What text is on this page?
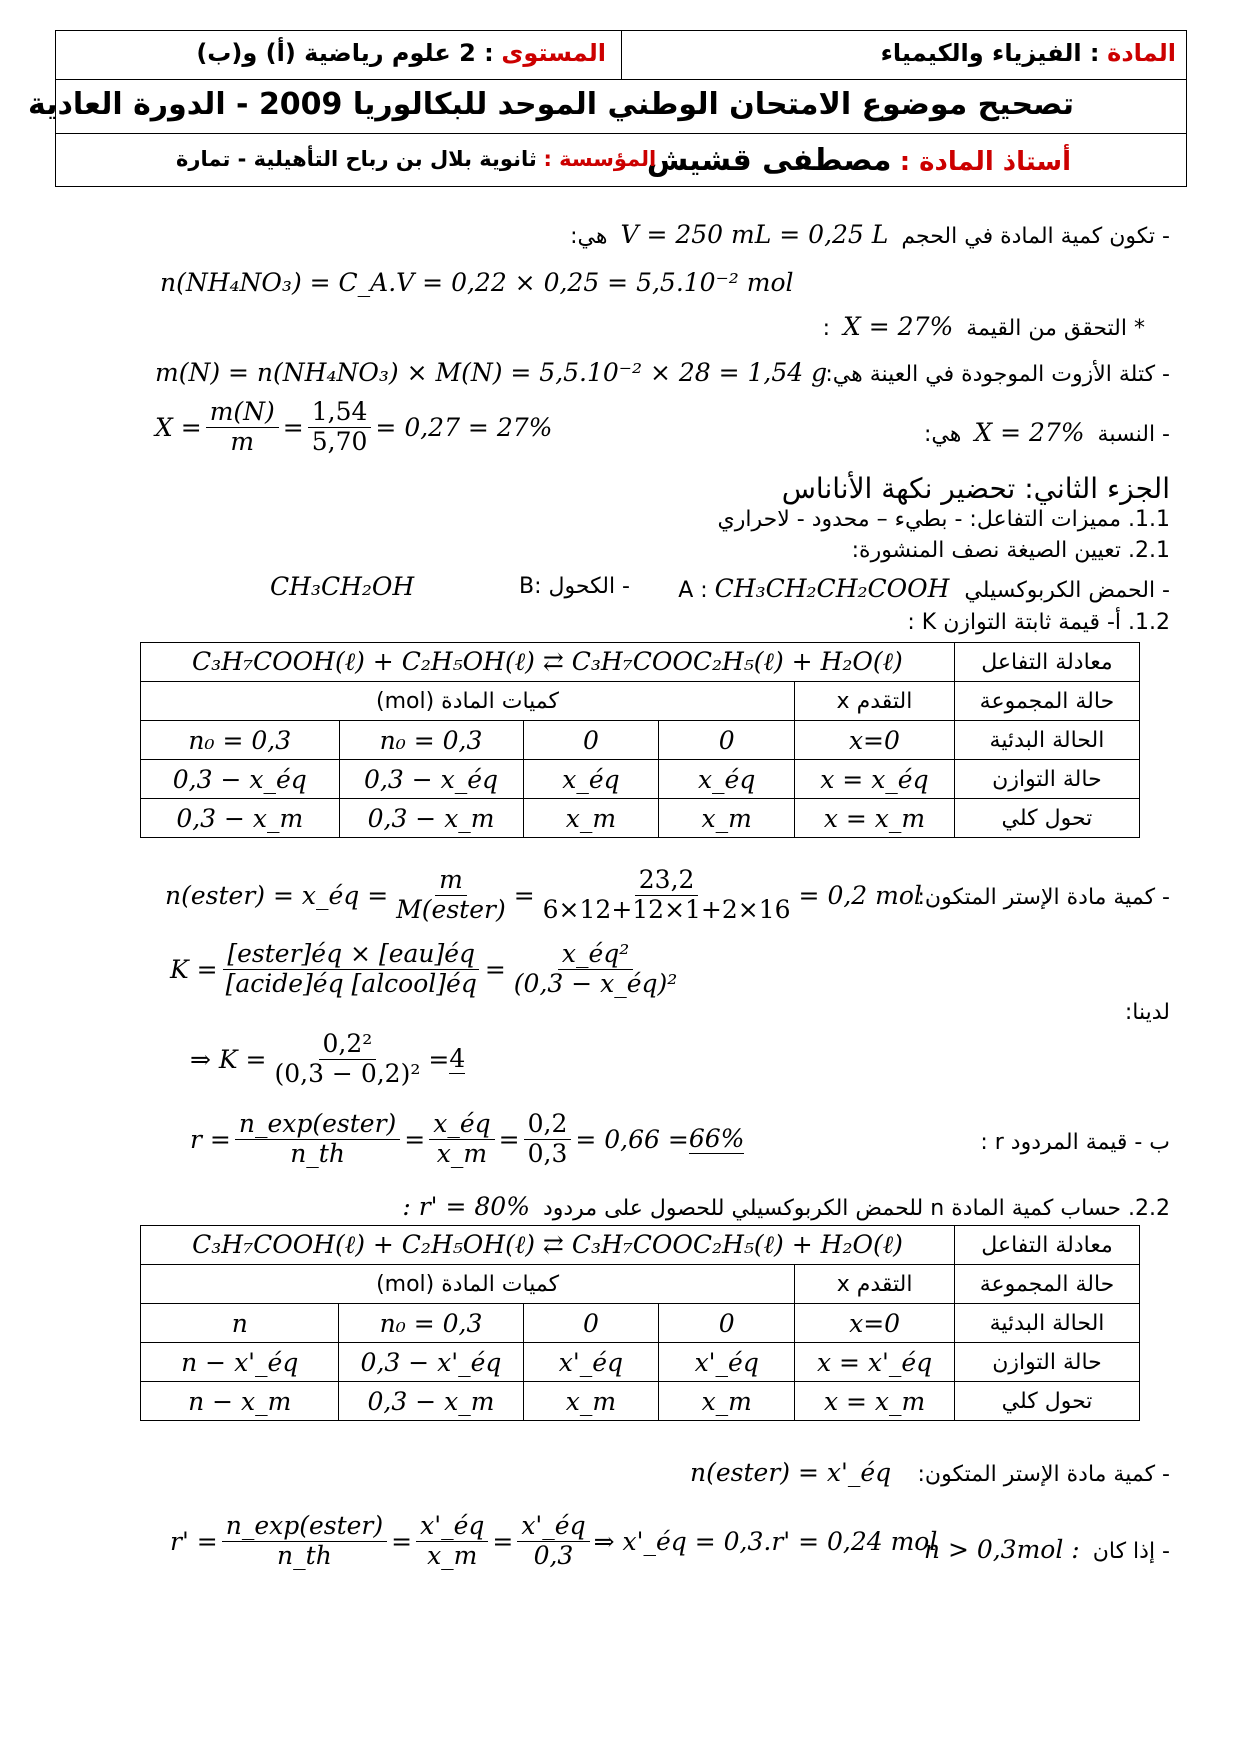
المادة : الفيزياء والكيمياء
المستوى : 2 علوم رياضية (أ) و(ب)
تصحيح موضوع الامتحان الوطني الموحد للبكالوريا 2009 - الدورة العادية
أستاذ المادة : مصطفى قشيش
المؤسسة : ثانوية بلال بن رباح التأهيلية - تمارة
- تكون كمية المادة في الحجم V = 250 mL = 0,25 L هي:
n(NH₄NO₃) = C_A.V = 0,22 × 0,25 = 5,5.10⁻² mol
* التحقق من القيمة X = 27% :
- كتلة الأزوت الموجودة في العينة هي:
m(N) = n(NH₄NO₃) × M(N) = 5,5.10⁻² × 28 = 1,54 g
- النسبة X = 27% هي:
$X = \frac{m(N)}{m} = \frac{1,54}{5,70} = 0,27 = 27\%$
الجزء الثاني: تحضير نكهة الأناناس
1.1. مميزات التفاعل: - بطيء – محدود - لاحراري
2.1. تعيين الصيغة نصف المنشورة:
- الحمض الكربوكسيلي A : CH₃CH₂CH₂COOH
- الكحول :B
CH₃CH₂OH
1.2. أ- قيمة ثابتة التوازن K :
C₃H₇COOH(ℓ) + C₂H₅OH(ℓ) ⇄ C₃H₇COOC₂H₅(ℓ) + H₂O(ℓ)					معادلة التفاعل
كميات المادة (mol)				التقدم x	حالة المجموعة
n₀ = 0,3	n₀ = 0,3	0	0	x=0	الحالة البدئية
0,3 − x_éq	0,3 − x_éq	x_éq	x_éq	x = x_éq	حالة التوازن
0,3 − x_m	0,3 − x_m	x_m	x_m	x = x_m	تحول كلي
- كمية مادة الإستر المتكون:
n(ester) = x_éq = $\frac{m}{\text{M(ester)}} = \frac{23,2}{6\times 12+12\times 1+2\times 16} = 0,2$ mol
لدينا:
$K = \frac{\text{[ester]éq × [eau]éq}}{\text{[acide]éq [alcool]éq}} = \frac{\text{x\_éq²}}{\text{(0,3 − x\_éq)²}}$
⇒ $K = \frac{\text{0,2²}}{\text{(0,3 − 0,2)²}} = 4$
ب - قيمة المردود r :
$r = \frac{\text{n\_exp(ester)}}{n\_th} = \frac{x\_éq}{x\_m} = \frac{0,2}{0,3} = 0,66 = 66\%$
2.2. حساب كمية المادة n للحمض الكربوكسيلي للحصول على مردود r' = 80% :
C₃H₇COOH(ℓ) + C₂H₅OH(ℓ) ⇄ C₃H₇COOC₂H₅(ℓ) + H₂O(ℓ)					معادلة التفاعل
كميات المادة (mol)				التقدم x	حالة المجموعة
n	n₀ = 0,3	0	0	x=0	الحالة البدئية
n − x'_éq	0,3 − x'_éq	x'_éq	x'_éq	x = x'_éq	حالة التوازن
n − x_m	0,3 − x_m	x_m	x_m	x = x_m	تحول كلي
- كمية مادة الإستر المتكون:
n(ester) = x'_éq
- إذا كان : n > 0,3mol
$r' = \frac{\text{n\_exp(ester)}}{n\_th} = \frac{x'\_éq}{x\_m} = \frac{x'\_éq}{0,3}$ ⇒ x'_éq = 0,3.r' = 0,24 mol
